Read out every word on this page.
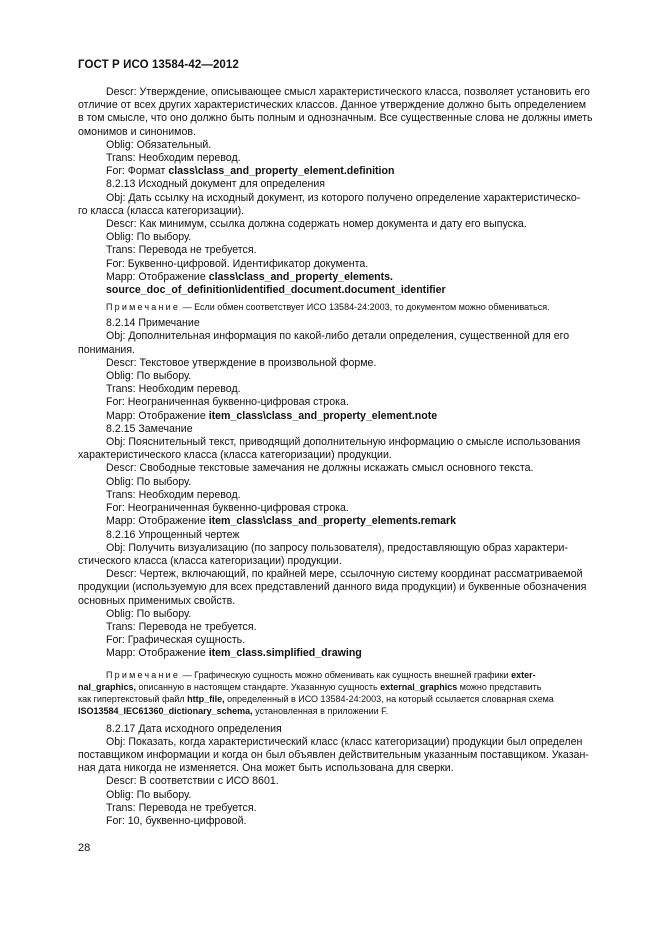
ГОСТ Р ИСО 13584-42—2012
Descr: Утверждение, описывающее смысл характеристического класса, позволяет установить его
отличие от всех других характеристических классов. Данное утверждение должно быть определением
в том смысле, что оно должно быть полным и однозначным. Все существенные слова не должны иметь
омонимов и синонимов.
Oblig: Обязательный.
Trans: Необходим перевод.
For: Формат class\class_and_property_element.definition
8.2.13 Исходный документ для определения
Obj: Дать ссылку на исходный документ, из которого получено определение характеристическо-
го класса (класса категоризации).
Descr: Как минимум, ссылка должна содержать номер документа и дату его выпуска.
Oblig: По выбору.
Trans: Перевода не требуется.
For: Буквенно-цифровой. Идентификатор документа.
Mapp: Отображение class\class_and_property_elements.
source_doc_of_definition\identified_document.document_identifier
Примечание — Если обмен соответствует ИСО 13584-24:2003, то документом можно обмениваться.
8.2.14 Примечание
Obj: Дополнительная информация по какой-либо детали определения, существенной для его
понимания.
Descr: Текстовое утверждение в произвольной форме.
Oblig: По выбору.
Trans: Необходим перевод.
For: Неограниченная буквенно-цифровая строка.
Mapp: Отображение item_class\class_and_property_element.note
8.2.15 Замечание
Obj: Пояснительный текст, приводящий дополнительную информацию о смысле использования
характеристического класса (класса категоризации) продукции.
Descr: Свободные текстовые замечания не должны искажать смысл основного текста.
Oblig: По выбору.
Trans: Необходим перевод.
For: Неограниченная буквенно-цифровая строка.
Mapp: Отображение item_class\class_and_property_elements.remark
8.2.16 Упрощенный чертеж
Obj: Получить визуализацию (по запросу пользователя), предоставляющую образ характери-
стического класса (класса категоризации) продукции.
Descr: Чертеж, включающий, по крайней мере, ссылочную систему координат рассматриваемой
продукции (используемую для всех представлений данного вида продукции) и буквенные обозначения
основных применимых свойств.
Oblig: По выбору.
Trans: Перевода не требуется.
For: Графическая сущность.
Mapp: Отображение item_class.simplified_drawing
Примечание — Графическую сущность можно обменивать как сущность внешней графики exter-
nal_graphics, описанную в настоящем стандарте. Указанную сущность external_graphics можно представить
как гипертекстовый файл http_file, определенный в ИСО 13584-24:2003, на который ссылается словарная схема
ISO13584_IEC61360_dictionary_schema, установленная в приложении F.
8.2.17 Дата исходного определения
Obj: Показать, когда характеристический класс (класс категоризации) продукции был определен
поставщиком информации и когда он был объявлен действительным указанным поставщиком. Указан-
ная дата никогда не изменяется. Она может быть использована для сверки.
Descr: В соответствии с ИСО 8601.
Oblig: По выбору.
Trans: Перевода не требуется.
For: 10, буквенно-цифровой.
28
